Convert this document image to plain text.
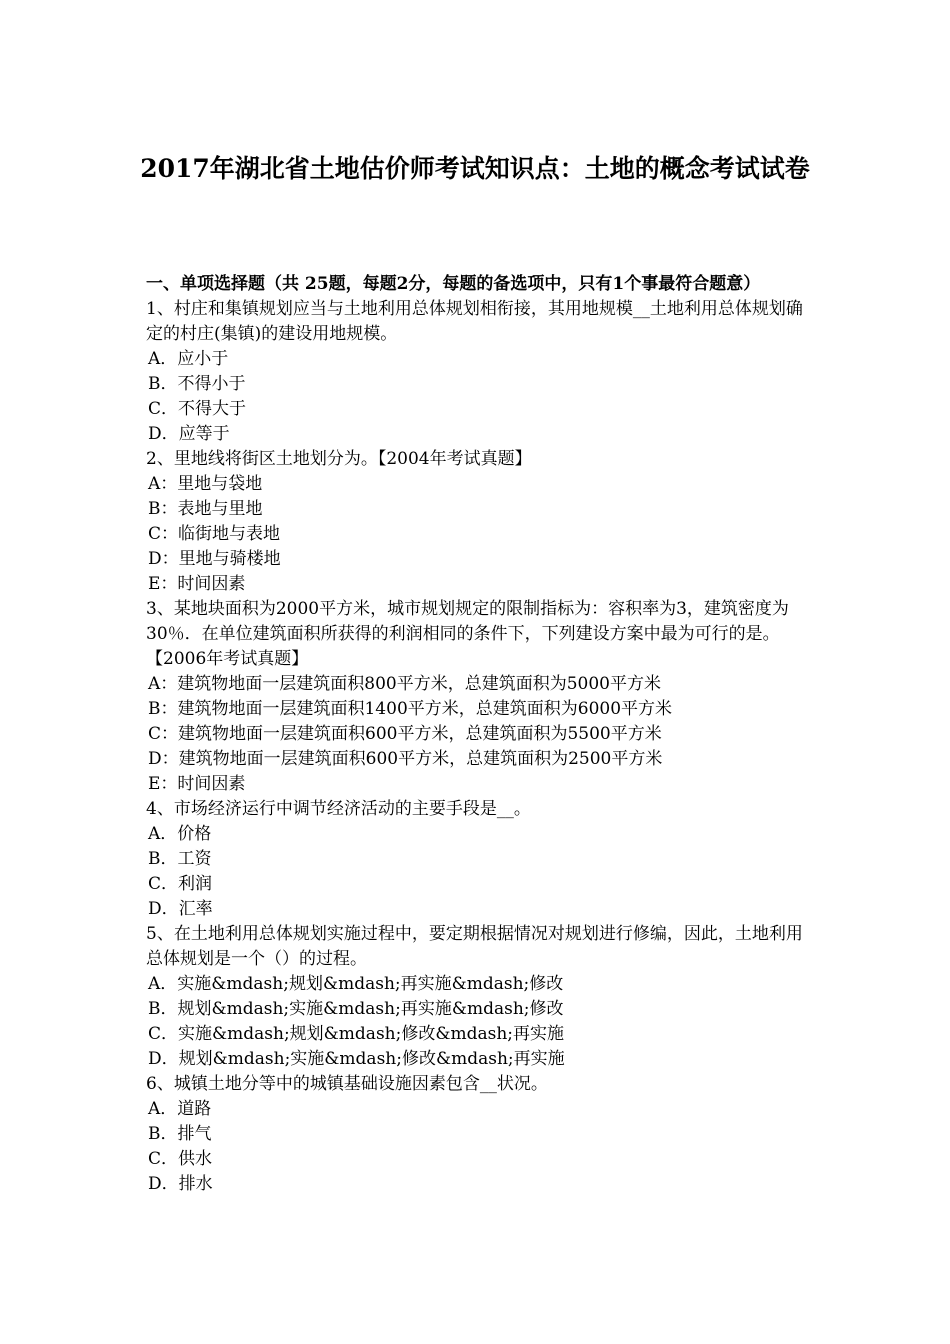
2017年湖北省土地估价师考试知识点：土地的概念考试试卷

一、单项选择题（共 25题，每题2分，每题的备选项中，只有1个事最符合题意）

1、村庄和集镇规划应当与土地利用总体规划相衔接，其用地规模__土地利用总体规划确定的村庄(集镇)的建设用地规模。

A．应小于
B．不得小于
C．不得大于
D．应等于

2、里地线将街区土地划分为。【2004年考试真题】

A：里地与袋地
B：表地与里地
C：临街地与表地
D：里地与骑楼地
E：时间因素

3、某地块面积为2000平方米，城市规划规定的限制指标为：容积率为3，建筑密度为30％．在单位建筑面积所获得的利润相同的条件下，下列建设方案中最为可行的是。【2006年考试真题】

A：建筑物地面一层建筑面积800平方米，总建筑面积为5000平方米
B：建筑物地面一层建筑面积1400平方米，总建筑面积为6000平方米
C：建筑物地面一层建筑面积600平方米，总建筑面积为5500平方米
D：建筑物地面一层建筑面积600平方米，总建筑面积为2500平方米
E：时间因素

4、市场经济运行中调节经济活动的主要手段是__。

A．价格
B．工资
C．利润
D．汇率

5、在土地利用总体规划实施过程中，要定期根据情况对规划进行修编，因此，土地利用总体规划是一个（）的过程。

A．实施&mdash;规划&mdash;再实施&mdash;修改
B．规划&mdash;实施&mdash;再实施&mdash;修改
C．实施&mdash;规划&mdash;修改&mdash;再实施
D．规划&mdash;实施&mdash;修改&mdash;再实施

6、城镇土地分等中的城镇基础设施因素包含__状况。

A．道路
B．排气
C．供水
D．排水
